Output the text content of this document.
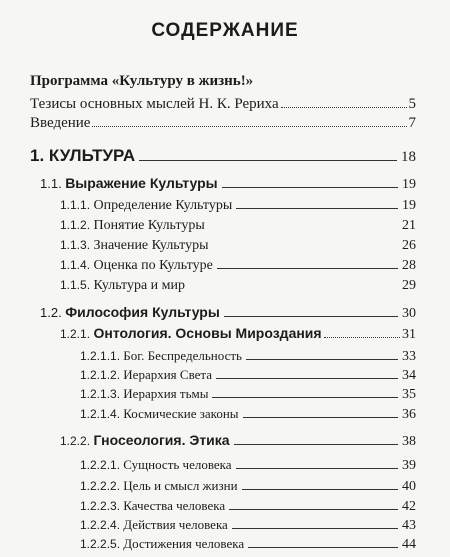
СОДЕРЖАНИЕ
Программа «Культуру в жизнь!»
Тезисы основных мыслей Н. К. Рериха	5
Введение	7
1. КУЛЬТУРА	18
1.1. Выражение Культуры	19
1.1.1. Определение Культуры	19
1.1.2. Понятие Культуры	21
1.1.3. Значение Культуры	26
1.1.4. Оценка по Культуре	28
1.1.5. Культура и мир	29
1.2. Философия Культуры	30
1.2.1. Онтология. Основы Мироздания	31
1.2.1.1. Бог. Беспредельность	33
1.2.1.2. Иерархия Света	34
1.2.1.3. Иерархия тьмы	35
1.2.1.4. Космические законы	36
1.2.2. Гносеология. Этика	38
1.2.2.1. Сущность человека	39
1.2.2.2. Цель и смысл жизни	40
1.2.2.3. Качества человека	42
1.2.2.4. Действия человека	43
1.2.2.5. Достижения человека	44
